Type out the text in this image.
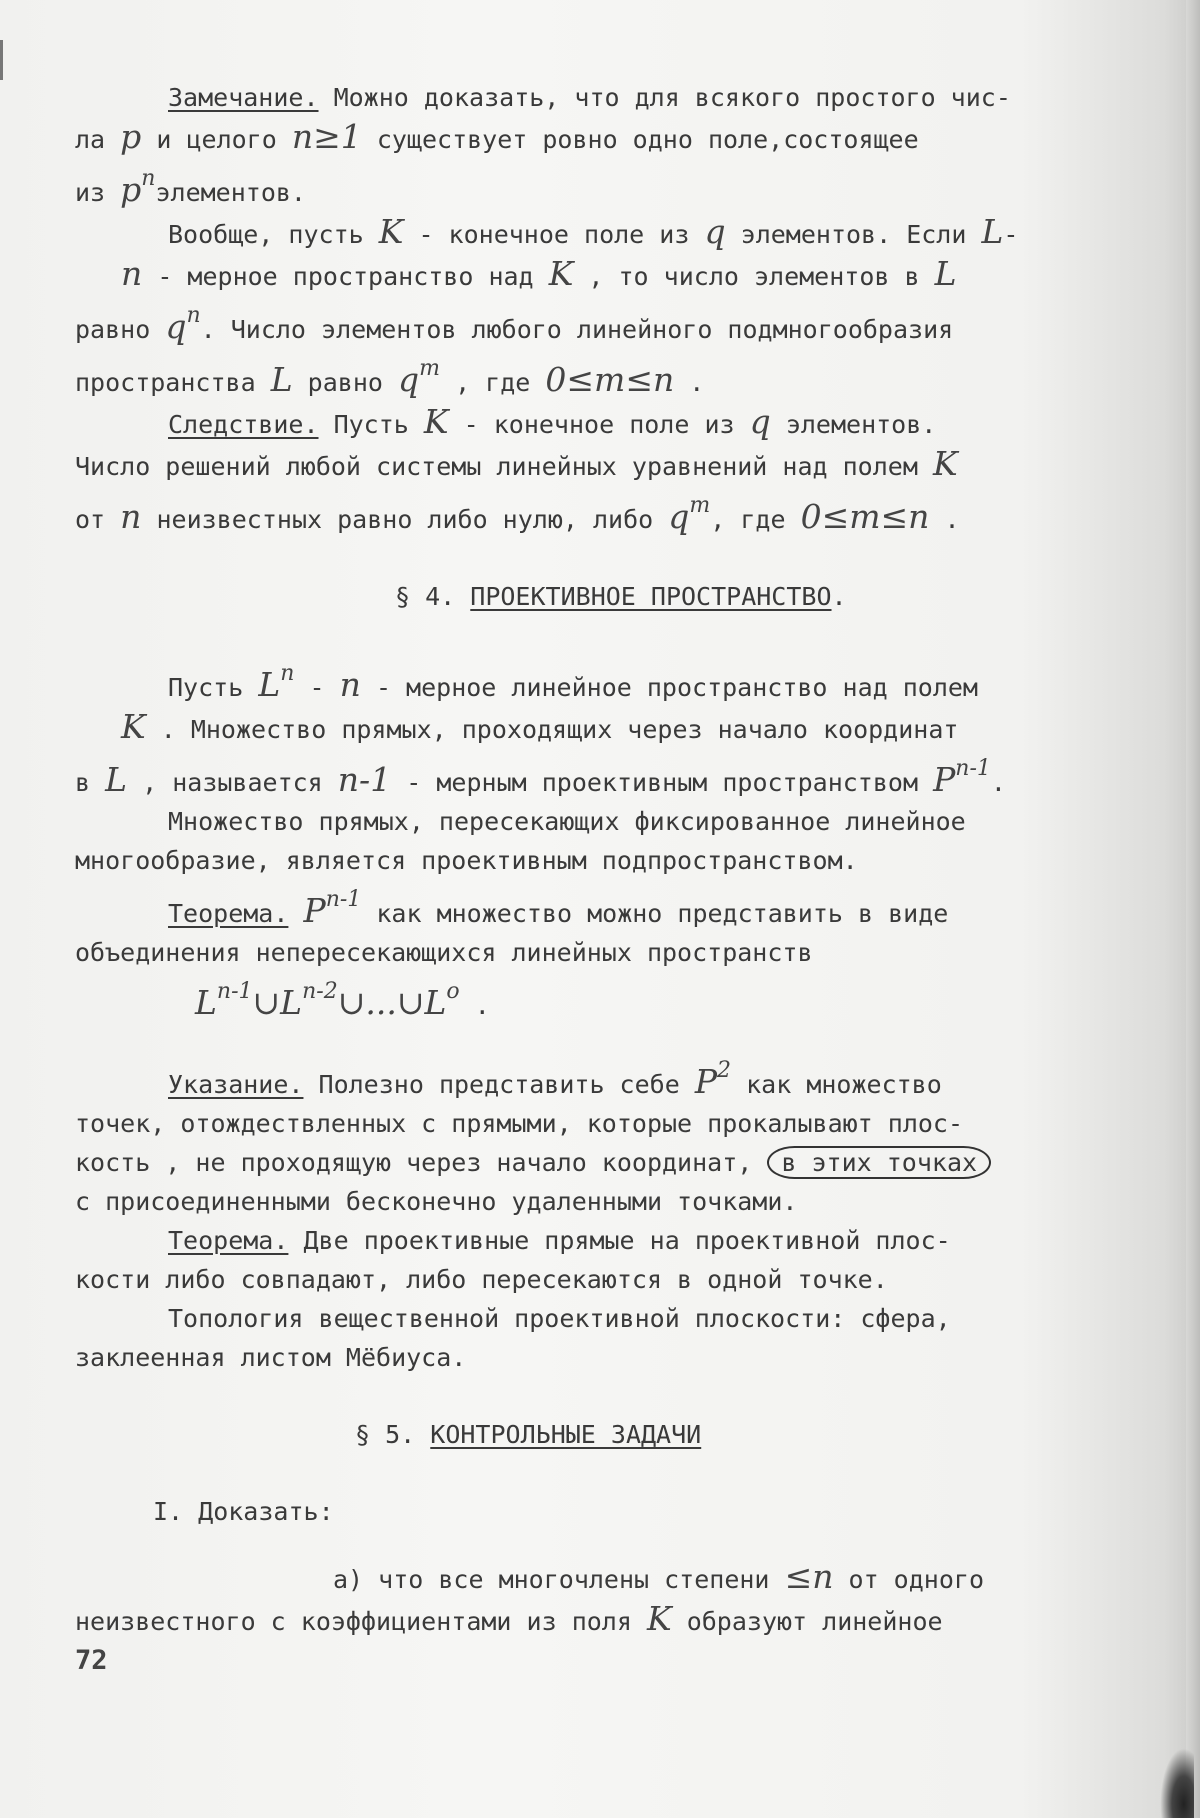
Замечание. Можно доказать, что для всякого простого чис-

ла p и целого n≥1 существует ровно одно поле,состоящее

из pnэлементов.

Вообще, пусть K - конечное поле из q элементов. Если L-

n - мерное пространство над K , то число элементов в L

равно qn. Число элементов любого линейного подмногообразия

пространства L равно qm , где 0≤m≤n .

Следствие. Пусть K - конечное поле из q элементов.

Число решений любой системы линейных уравнений над полем K

от n неизвестных равно либо нулю, либо qm, где 0≤m≤n .

§ 4. ПРОЕКТИВНОЕ ПРОСТРАНСТВО.

Пусть Ln - n - мерное линейное пространство над полем

K . Множество прямых, проходящих через начало координат

в L , называется n-1 - мерным проективным пространством Pn-1.

Множество прямых, пересекающих фиксированное линейное

многообразие, является проективным подпространством.

Теорема. Pn-1 как множество можно представить в виде

объединения непересекающихся линейных пространств

Ln-1∪Ln-2∪...∪Lo .

Указание. Полезно представить себе P2 как множество

точек, отождествленных с прямыми, которые прокалывают плос-

кость , не проходящую через начало координат, в этих точках

с присоединенными бесконечно удаленными точками.

Теорема. Две проективные прямые на проективной плос-

кости либо совпадают, либо пересекаются в одной точке.

Топология вещественной проективной плоскости: сфера,

заклеенная листом Мёбиуса.

§ 5. КОНТРОЛЬНЫЕ ЗАДАЧИ

I. Доказать:

а) что все многочлены степени ≤n от одного

неизвестного с коэффициентами из поля K образуют линейное

72
